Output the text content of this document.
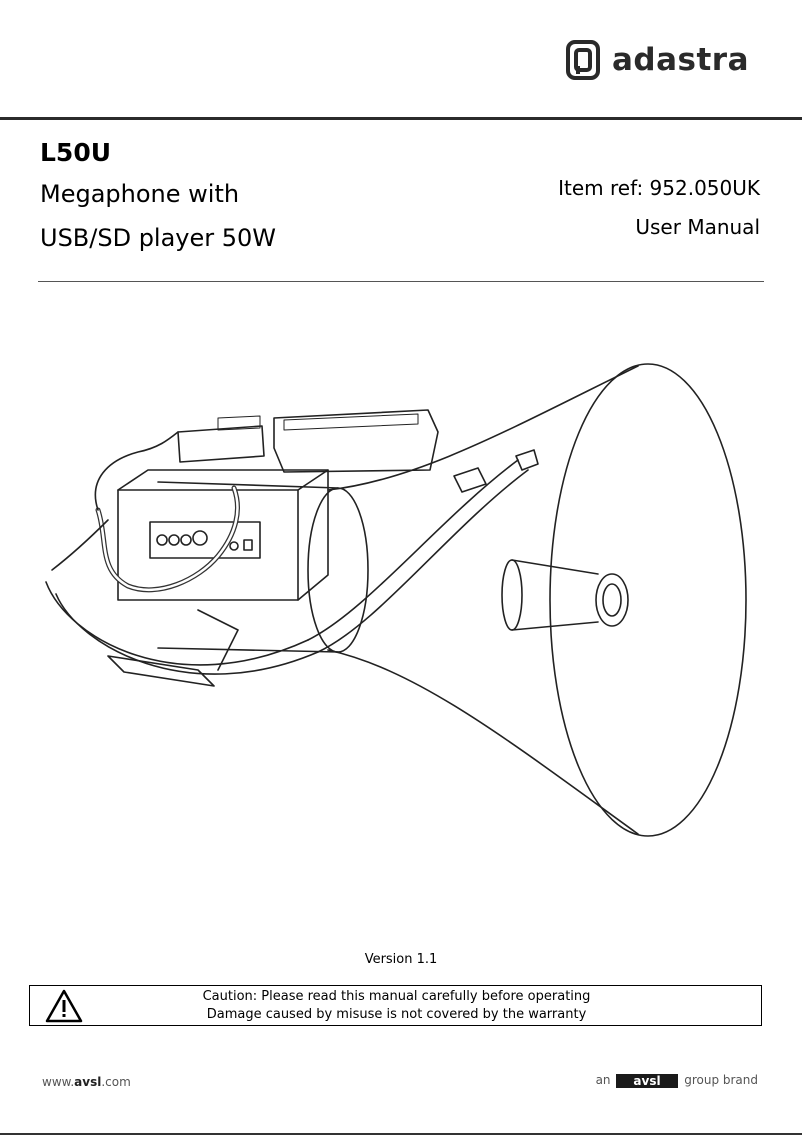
adastra
L50U
Megaphone with
USB/SD player 50W
Item ref: 952.050UK
User Manual
Version 1.1
Caution: Please read this manual carefully before operating
Damage caused by misuse is not covered by the warranty
www.avsl.com	an avsl group brand
